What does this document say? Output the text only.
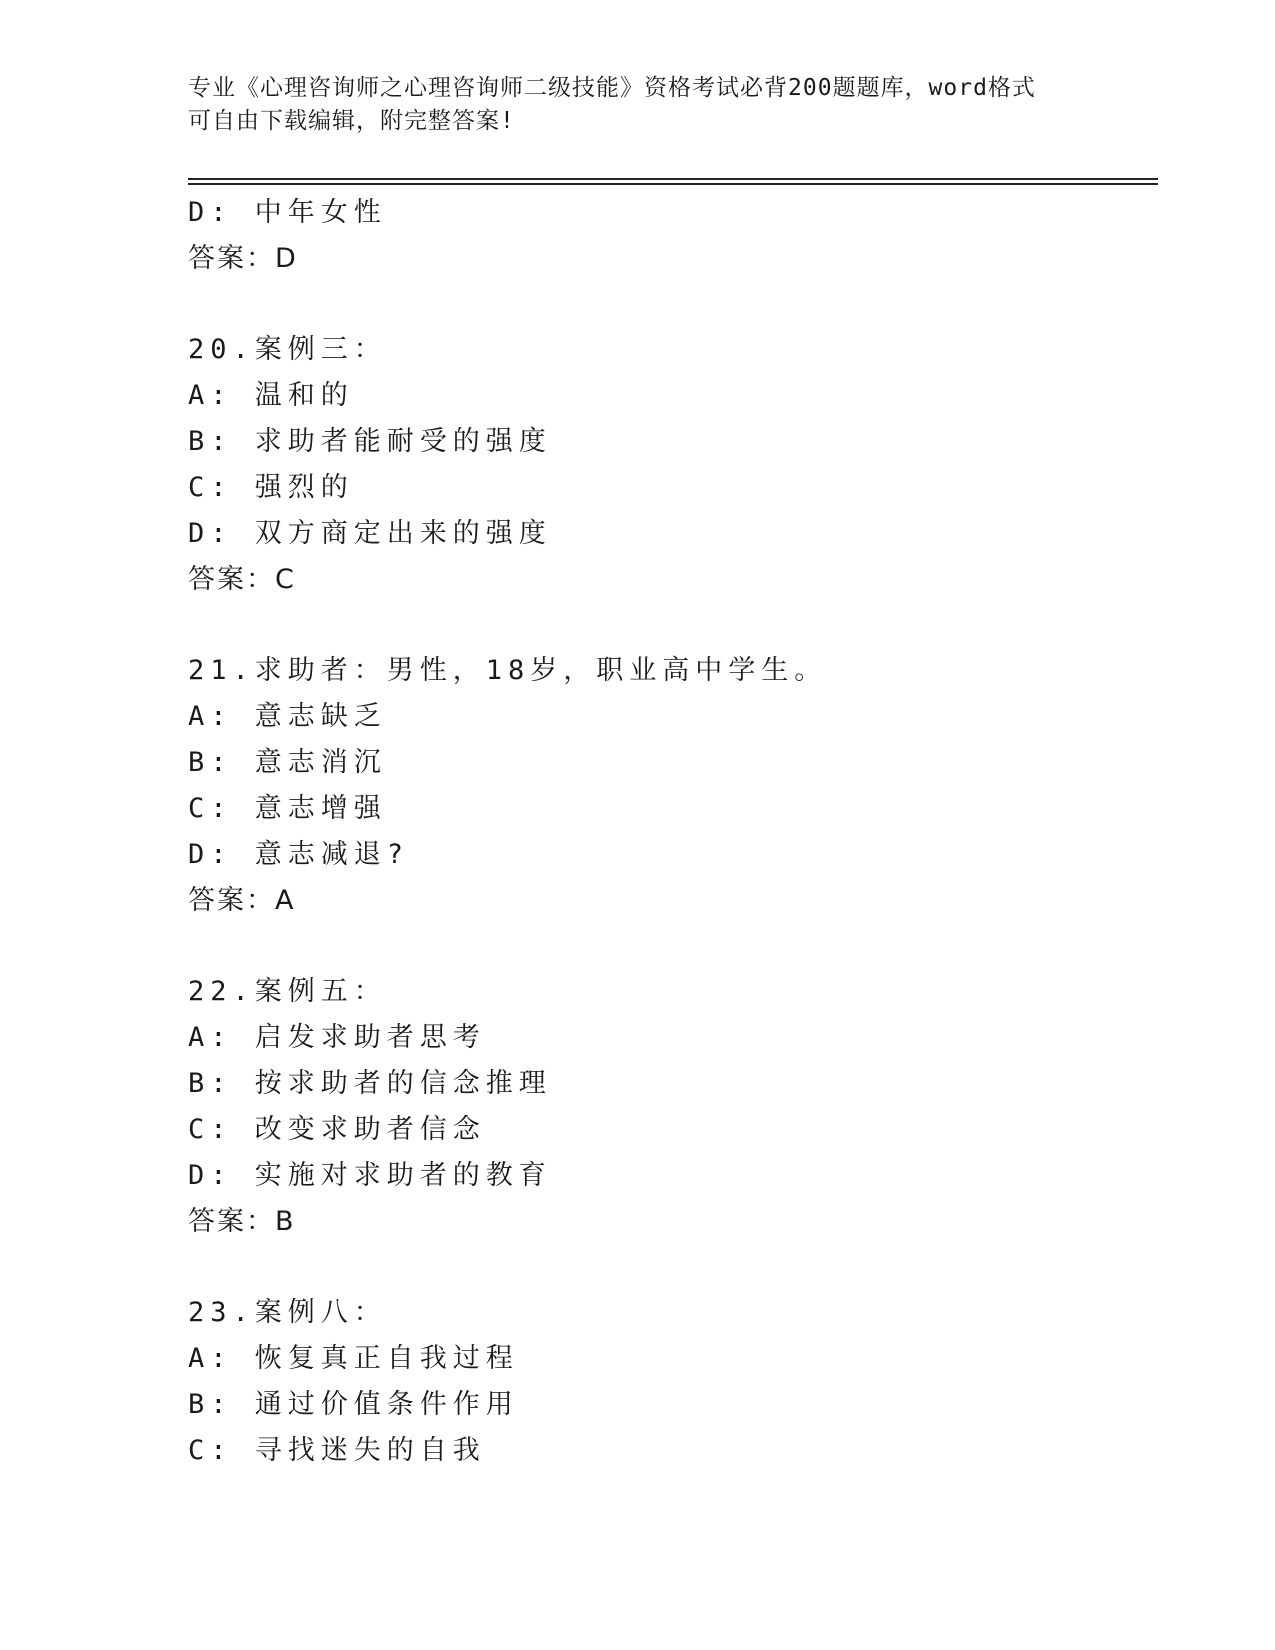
专业《心理咨询师之心理咨询师二级技能》资格考试必背200题题库，word格式
可自由下载编辑，附完整答案!
D: 中年女性
答案：D
20.案例三：
A: 温和的
B: 求助者能耐受的强度
C: 强烈的
D: 双方商定出来的强度
答案：C
21.求助者：男性，18岁，职业高中学生。
A: 意志缺乏
B: 意志消沉
C: 意志增强
D: 意志减退?
答案：A
22.案例五：
A: 启发求助者思考
B: 按求助者的信念推理
C: 改变求助者信念
D: 实施对求助者的教育
答案：B
23.案例八：
A: 恢复真正自我过程
B: 通过价值条件作用
C: 寻找迷失的自我
